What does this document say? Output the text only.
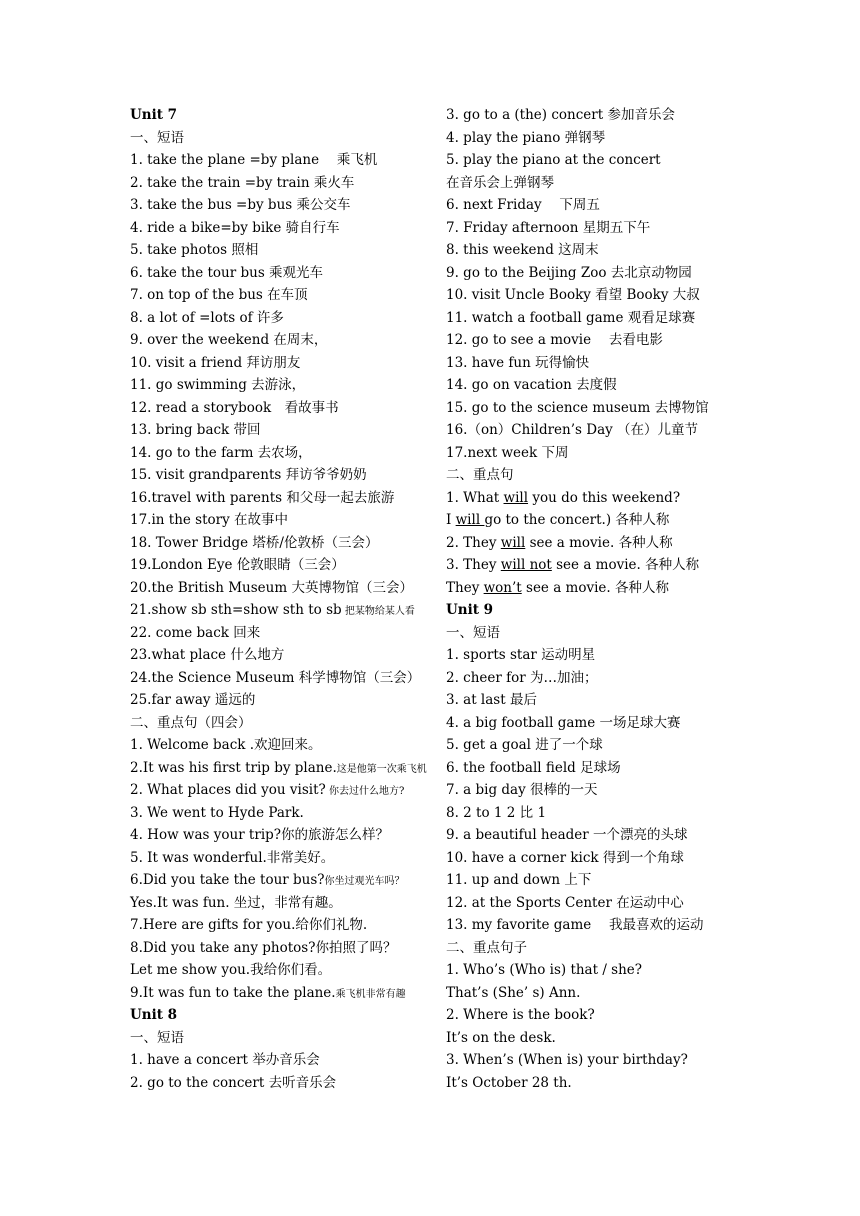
Unit 7
一、短语
1. take the plane =by plane　 乘飞机
2. take the train =by train 乘火车
3. take the bus =by bus 乘公交车
4. ride a bike=by bike 骑自行车
5. take photos 照相
6. take the tour bus 乘观光车
7. on top of the bus 在车顶
8. a lot of =lots of 许多
9. over the weekend 在周末，
10. visit a friend 拜访朋友
11. go swimming 去游泳，
12. read a storybook　看故事书
13. bring back 带回
14. go to the farm 去农场，
15. visit grandparents 拜访爷爷奶奶
16.travel with parents 和父母一起去旅游
17.in the story 在故事中
18. Tower Bridge 塔桥/伦敦桥（三会）
19.London Eye 伦敦眼睛（三会）
20.the British Museum 大英博物馆（三会）
21.show sb sth=show sth to sb 把某物给某人看
22. come back 回来
23.what place 什么地方
24.the Science Museum 科学博物馆（三会）
25.far away 遥远的
二、重点句（四会）
1. Welcome back .欢迎回来。
2.It was his first trip by plane.这是他第一次乘飞机
2. What places did you visit? 你去过什么地方?
3. We went to Hyde Park.
4. How was your trip?你的旅游怎么样？
5. It was wonderful.非常美好。
6.Did you take the tour bus?你坐过观光车吗？
Yes.It was fun. 坐过，非常有趣。
7.Here are gifts for you.给你们礼物.
8.Did you take any photos?你拍照了吗？
Let me show you.我给你们看。
9.It was fun to take the plane.乘飞机非常有趣
Unit 8
一、短语
1. have a concert 举办音乐会
2. go to the concert 去听音乐会
3. go to a (the) concert 参加音乐会
4. play the piano 弹钢琴
5. play the piano at the concert
在音乐会上弹钢琴
6. next Friday　 下周五
7. Friday afternoon 星期五下午
8. this weekend 这周末
9. go to the Beijing Zoo 去北京动物园
10. visit Uncle Booky 看望 Booky 大叔
11. watch a football game 观看足球赛
12. go to see a movie　 去看电影
13. have fun 玩得愉快
14. go on vacation 去度假
15. go to the science museum 去博物馆
16.（on）Children’s Day （在）儿童节
17.next week 下周
二、重点句
1. What will you do this weekend?
I will go to the concert.) 各种人称
2. They will see a movie. 各种人称
3. They will not see a movie. 各种人称
They won’t see a movie. 各种人称
Unit 9
一、短语
1. sports star 运动明星
2. cheer for 为…加油；
3. at last 最后
4. a big football game 一场足球大赛
5. get a goal 进了一个球
6. the football field 足球场
7. a big day 很棒的一天
8. 2 to 1 2 比 1
9. a beautiful header 一个漂亮的头球
10. have a corner kick 得到一个角球
11. up and down 上下
12. at the Sports Center 在运动中心
13. my favorite game　 我最喜欢的运动
二、重点句子
1. Who’s (Who is) that / she?
That’s (She’ s) Ann.
2. Where is the book?
It’s on the desk.
3. When’s (When is) your birthday?
It’s October 28 th.
